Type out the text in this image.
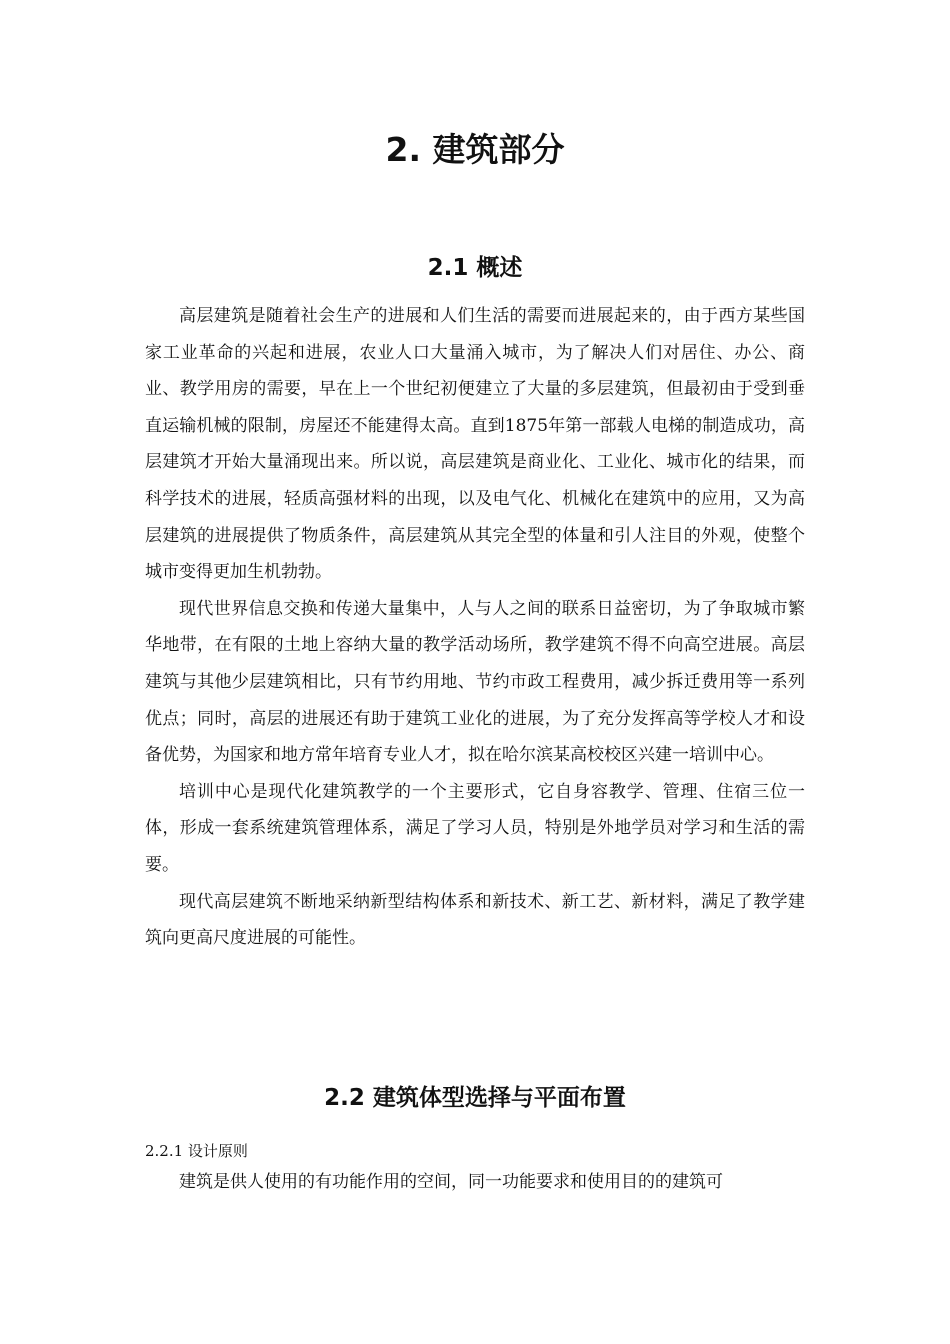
2. 建筑部分
2.1 概述

高层建筑是随着社会生产的进展和人们生活的需要而进展起来的，由于西方某些国家工业革命的兴起和进展，农业人口大量涌入城市，为了解决人们对居住、办公、商业、教学用房的需要，早在上一个世纪初便建立了大量的多层建筑，但最初由于受到垂直运输机械的限制，房屋还不能建得太高。直到1875年第一部载人电梯的制造成功，高层建筑才开始大量涌现出来。所以说，高层建筑是商业化、工业化、城市化的结果，而科学技术的进展，轻质高强材料的出现，以及电气化、机械化在建筑中的应用，又为高层建筑的进展提供了物质条件，高层建筑从其完全型的体量和引人注目的外观，使整个城市变得更加生机勃勃。

现代世界信息交换和传递大量集中，人与人之间的联系日益密切，为了争取城市繁华地带，在有限的土地上容纳大量的教学活动场所，教学建筑不得不向高空进展。高层建筑与其他少层建筑相比，只有节约用地、节约市政工程费用，减少拆迁费用等一系列优点；同时，高层的进展还有助于建筑工业化的进展，为了充分发挥高等学校人才和设备优势，为国家和地方常年培育专业人才，拟在哈尔滨某高校校区兴建一培训中心。

培训中心是现代化建筑教学的一个主要形式，它自身容教学、管理、住宿三位一体，形成一套系统建筑管理体系，满足了学习人员，特别是外地学员对学习和生活的需要。

现代高层建筑不断地采纳新型结构体系和新技术、新工艺、新材料，满足了教学建筑向更高尺度进展的可能性。

2.2 建筑体型选择与平面布置
2.2.1 设计原则

建筑是供人使用的有功能作用的空间，同一功能要求和使用目的的建筑可
